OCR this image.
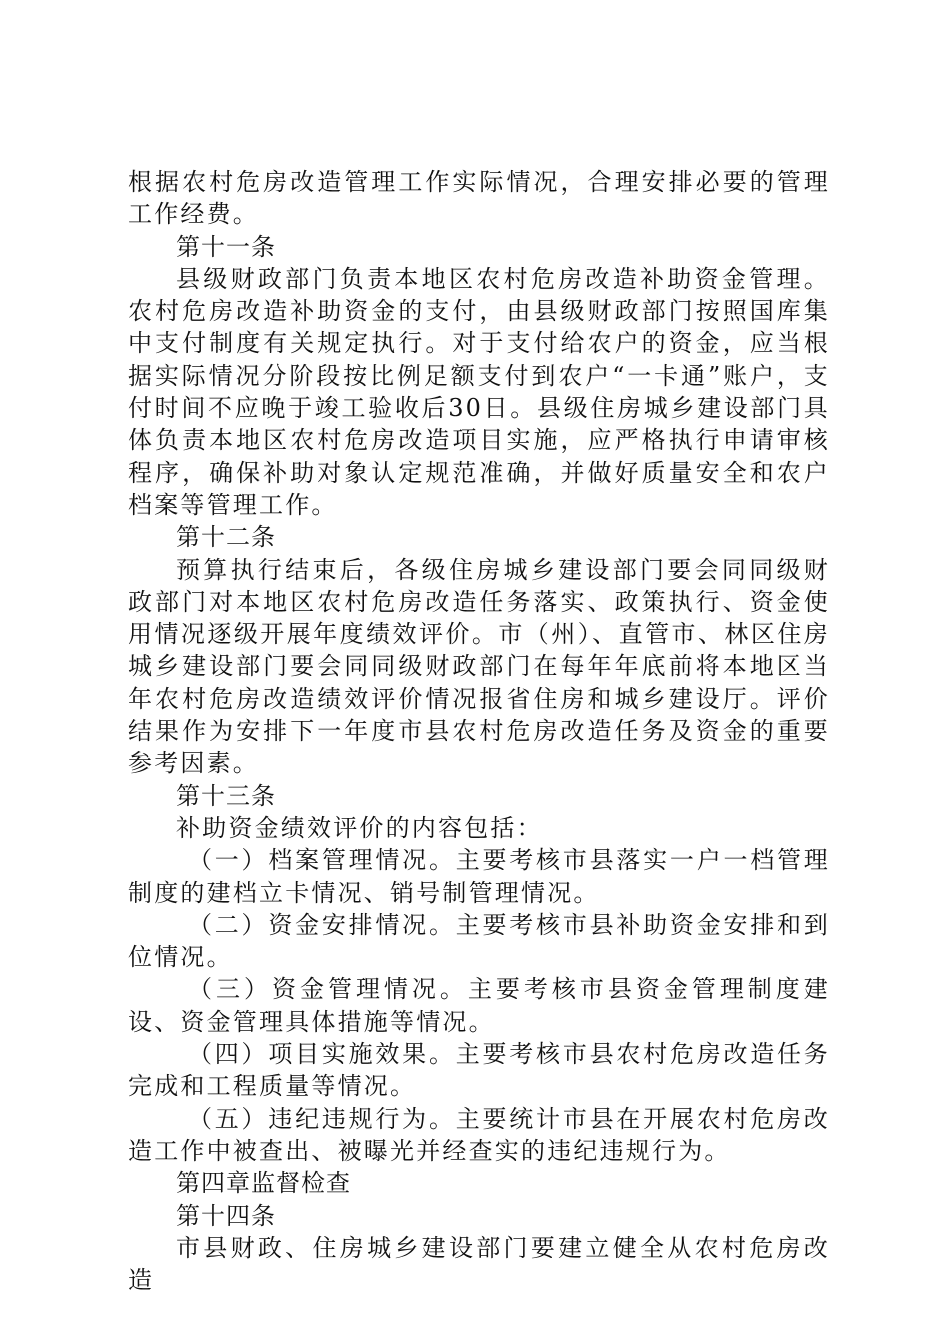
根据农村危房改造管理工作实际情况，合理安排必要的管理工作经费。

第十一条

县级财政部门负责本地区农村危房改造补助资金管理。农村危房改造补助资金的支付，由县级财政部门按照国库集中支付制度有关规定执行。对于支付给农户的资金，应当根据实际情况分阶段按比例足额支付到农户“一卡通”账户，支付时间不应晚于竣工验收后30日。县级住房城乡建设部门具体负责本地区农村危房改造项目实施，应严格执行申请审核程序，确保补助对象认定规范准确，并做好质量安全和农户档案等管理工作。

第十二条

预算执行结束后，各级住房城乡建设部门要会同同级财政部门对本地区农村危房改造任务落实、政策执行、资金使用情况逐级开展年度绩效评价。市（州）、直管市、林区住房城乡建设部门要会同同级财政部门在每年年底前将本地区当年农村危房改造绩效评价情况报省住房和城乡建设厅。评价结果作为安排下一年度市县农村危房改造任务及资金的重要参考因素。

第十三条

补助资金绩效评价的内容包括：

（一）档案管理情况。主要考核市县落实一户一档管理制度的建档立卡情况、销号制管理情况。

（二）资金安排情况。主要考核市县补助资金安排和到位情况。

（三）资金管理情况。主要考核市县资金管理制度建设、资金管理具体措施等情况。

（四）项目实施效果。主要考核市县农村危房改造任务完成和工程质量等情况。

（五）违纪违规行为。主要统计市县在开展农村危房改造工作中被查出、被曝光并经查实的违纪违规行为。

第四章监督检查

第十四条

市县财政、住房城乡建设部门要建立健全从农村危房改造
